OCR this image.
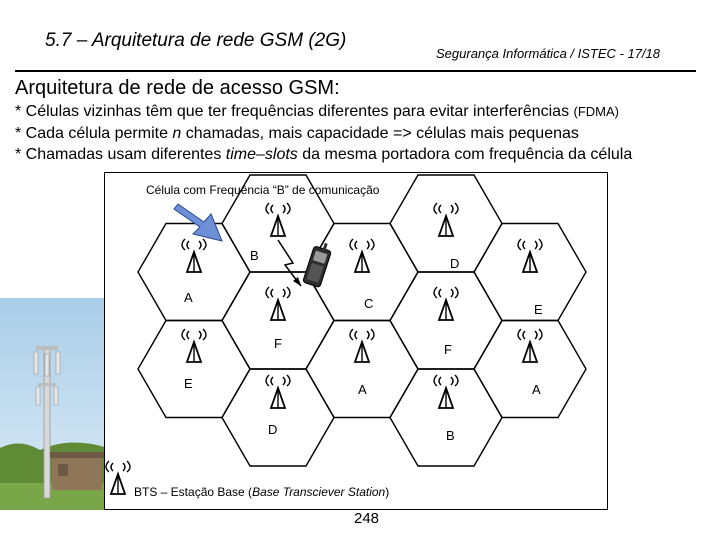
5.7 – Arquitetura de rede GSM (2G)
Segurança Informática / ISTEC - 17/18
Arquitetura de rede de acesso GSM:
* Células vizinhas têm que ter frequências diferentes para evitar interferências (FDMA)
* Cada célula permite n chamadas, mais capacidade => células mais pequenas
* Chamadas usam diferentes time–slots da mesma portadora com frequência da célula
B
D
A	C	E
F	F
E	A	A
D	B
Célula com Frequência “B” de comunicação
BTS – Estação Base (Base Transciever Station)
248
